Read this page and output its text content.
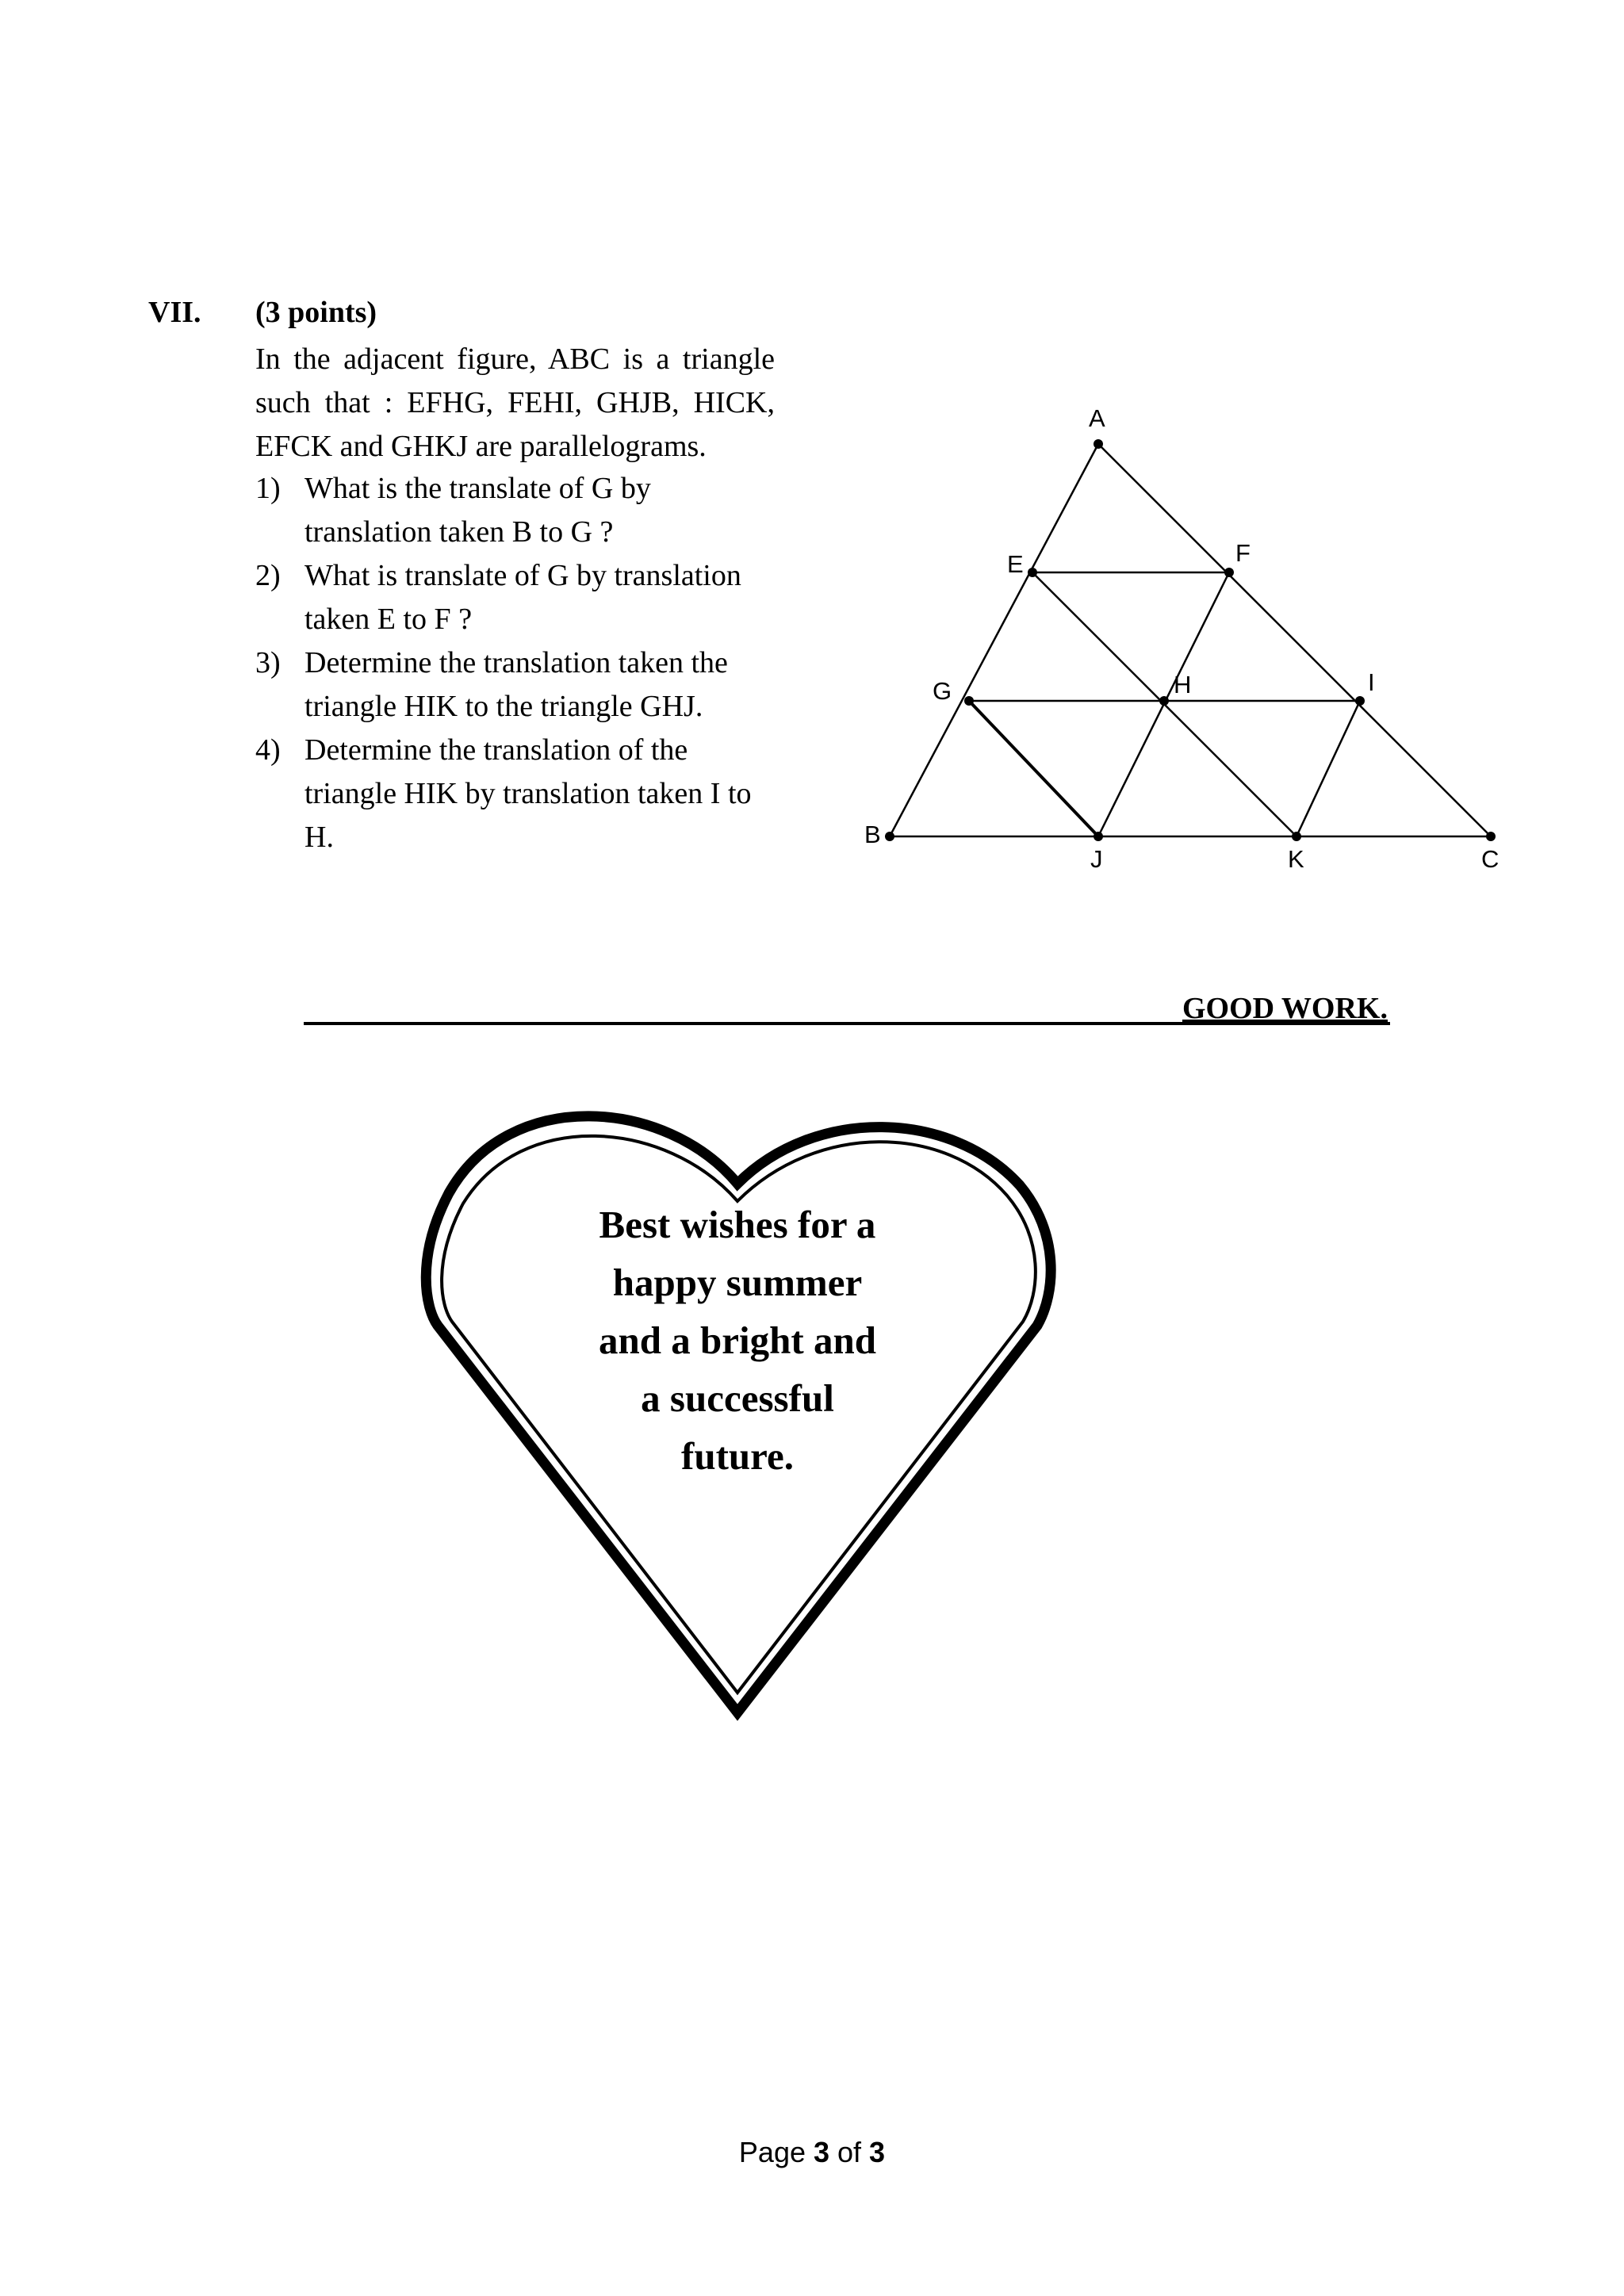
VII. (3 points)
In the adjacent figure, ABC is a triangle such that : EFHG, FEHI, GHJB, HICK, EFCK and GHKJ are parallelograms.
1) What is the translate of G by translation taken B to G ?
2) What is translate of G by translation taken E to F ?
3) Determine the translation taken the triangle HIK to the triangle GHJ.
4) Determine the translation of the triangle HIK by translation taken I to H.
A
E	F
G	H	I
B
J	K	C
GOOD WORK.
Best wishes for a
happy summer
and a bright and
a successful
future.
Page 3 of 3
